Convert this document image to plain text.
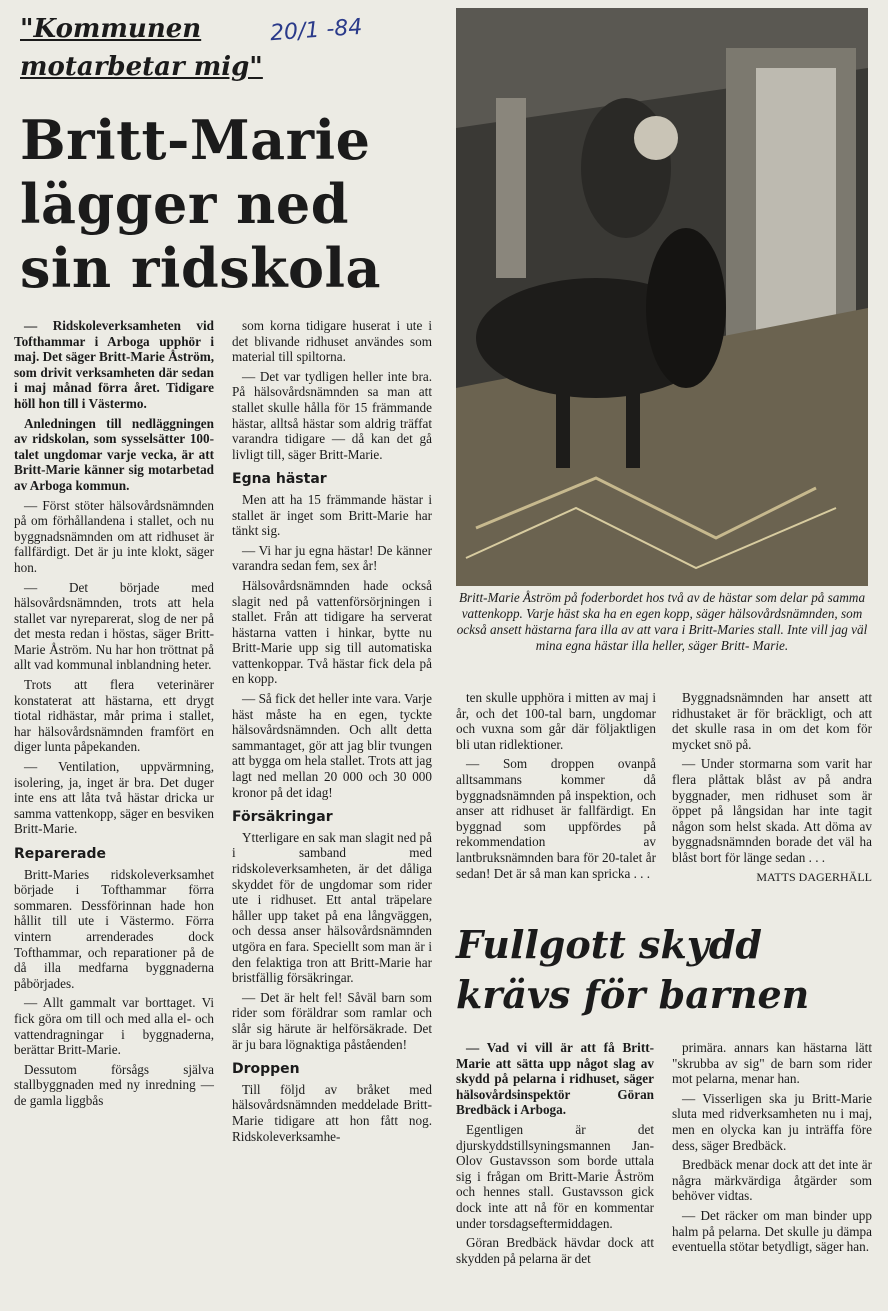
"Kommunen
motarbetar mig"
20/1 -84
Britt-Marie
lägger ned
sin ridskola

— Ridskoleverksamheten vid Tofthammar i Arboga upphör i maj. Det säger Britt-Marie Åström, som drivit verksamheten där sedan i maj månad förra året. Tidigare höll hon till i Västermo.

Anledningen till nedläggningen av ridskolan, som sysselsätter 100-talet ungdomar varje vecka, är att Britt-Marie känner sig motarbetad av Arboga kommun.

— Först stöter hälsovårdsnämnden på om förhållandena i stallet, och nu byggnadsnämnden om att ridhuset är fallfärdigt. Det är ju inte klokt, säger hon.

— Det började med hälsovårdsnämnden, trots att hela stallet var nyreparerat, slog de ner på det mesta redan i höstas, säger Britt-Marie Åström. Nu har hon tröttnat på allt vad kommunal inblandning heter.

Trots att flera veterinärer konstaterat att hästarna, ett drygt tiotal ridhästar, mår prima i stallet, har hälsovårdsnämnden framfört en diger lunta påpekanden.

— Ventilation, uppvärmning, isolering, ja, inget är bra. Det duger inte ens att låta två hästar dricka ur samma vattenkopp, säger en besviken Britt-Marie.

Reparerade

Britt-Maries ridskoleverksamhet började i Tofthammar förra sommaren. Dessförinnan hade hon hållit till ute i Västermo. Förra vintern arrenderades dock Tofthammar, och reparationer på de då illa medfarna byggnaderna påbörjades.

— Allt gammalt var borttaget. Vi fick göra om till och med alla el- och vattendragningar i byggnaderna, berättar Britt-Marie.

Dessutom försågs själva stallbyggnaden med ny inredning — de gamla liggbås

som korna tidigare huserat i ute i det blivande ridhuset användes som material till spiltorna.

— Det var tydligen heller inte bra. På hälsovårdsnämnden sa man att stallet skulle hålla för 15 främmande hästar, alltså hästar som aldrig träffat varandra tidigare — då kan det gå livligt till, säger Britt-Marie.

Egna hästar

Men att ha 15 främmande hästar i stallet är inget som Britt-Marie har tänkt sig.

— Vi har ju egna hästar! De känner varandra sedan fem, sex år!

Hälsovårdsnämnden hade också slagit ned på vattenförsörjningen i stallet. Från att tidigare ha serverat hästarna vatten i hinkar, bytte nu Britt-Marie upp sig till automatiska vattenkoppar. Två hästar fick dela på en kopp.

— Så fick det heller inte vara. Varje häst måste ha en egen, tyckte hälsovårdsnämnden. Och allt detta sammantaget, gör att jag blir tvungen att bygga om hela stallet. Trots att jag lagt ned mellan 20 000 och 30 000 kronor på det idag!

Försäkringar

Ytterligare en sak man slagit ned på i samband med ridskoleverksamheten, är det dåliga skyddet för de ungdomar som rider ute i ridhuset. Ett antal träpelare håller upp taket på ena långväggen, och dessa anser hälsovårdsnämnden utgöra en fara. Speciellt som man är i den felaktiga tron att Britt-Marie har bristfällig försäkringar.

— Det är helt fel! Såväl barn som rider som föräldrar som ramlar och slår sig härute är helförsäkrade. Det är ju bara lögnaktiga påståenden!

Droppen

Till följd av bråket med hälsovårdsnämnden meddelade Britt-Marie tidigare att hon fått nog. Ridskoleverksamhe-

Britt-Marie Åström på foderbordet hos två av de hästar som delar på samma vattenkopp. Varje häst ska ha en egen kopp, säger hälsovårdsnämnden, som också ansett hästarna fara illa av att vara i Britt-Maries stall. Inte vill jag väl mina egna hästar illa heller, säger Britt- Marie.

ten skulle upphöra i mitten av maj i år, och det 100-tal barn, ungdomar och vuxna som går där följaktligen bli utan ridlektioner.

— Som droppen ovanpå alltsammans kommer då byggnadsnämnden på inspektion, och anser att ridhuset är fallfärdigt. En byggnad som uppfördes på rekommendation av lantbruksnämnden bara för 20-talet år sedan! Det är så man kan spricka . . .

Byggnadsnämnden har ansett att ridhustaket är för bräckligt, och att det skulle rasa in om det kom för mycket snö på.

— Under stormarna som varit har flera plåttak blåst av på andra byggnader, men ridhuset som är öppet på långsidan har inte tagit någon som helst skada. Att döma av byggnadsnämnden borade det väl ha blåst bort för länge sedan . . .

MATTS DAGERHÄLL

Fullgott skydd
krävs för barnen

— Vad vi vill är att få Britt-Marie att sätta upp något slag av skydd på pelarna i ridhuset, säger hälsovårdsinspektör Göran Bredbäck i Arboga.

Egentligen är det djurskyddstillsyningsmannen Jan-Olov Gustavsson som borde uttala sig i frågan om Britt-Marie Åström och hennes stall. Gustavsson gick dock inte att nå för en kommentar under torsdagseftermiddagen.

Göran Bredbäck hävdar dock att skydden på pelarna är det

primära. annars kan hästarna lätt "skrubba av sig" de barn som rider mot pelarna, menar han.

— Visserligen ska ju Britt-Marie sluta med ridverksamheten nu i maj, men en olycka kan ju inträffa före dess, säger Bredbäck.

Bredbäck menar dock att det inte är några märkvärdiga åtgärder som behöver vidtas.

— Det räcker om man binder upp halm på pelarna. Det skulle ju dämpa eventuella stötar betydligt, säger han.
